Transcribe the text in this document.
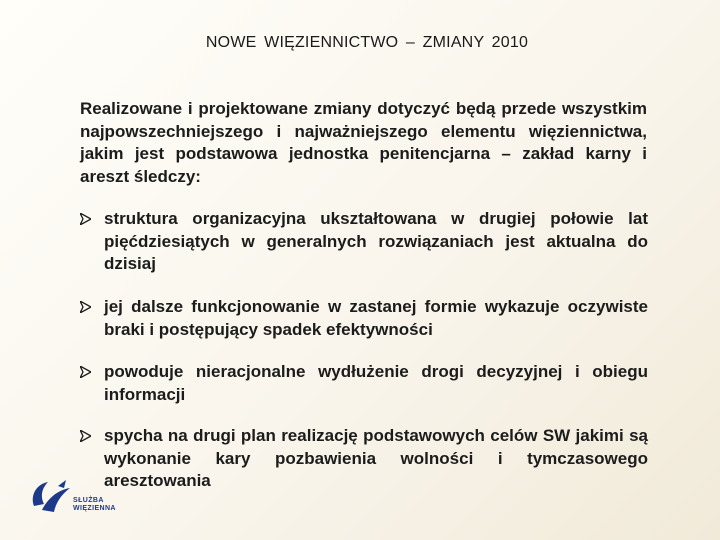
NOWE WIĘZIENNICTWO – ZMIANY 2010
Realizowane i projektowane zmiany dotyczyć będą przede wszystkim najpowszechniejszego i najważniejszego elementu więziennictwa, jakim jest podstawowa jednostka penitencjarna – zakład karny i areszt śledczy:
struktura organizacyjna ukształtowana w drugiej połowie lat pięćdziesiątych w generalnych rozwiązaniach jest aktualna do dzisiaj
jej dalsze funkcjonowanie w zastanej formie wykazuje oczywiste braki i postępujący spadek efektywności
powoduje nieracjonalne wydłużenie drogi decyzyjnej i obiegu informacji
spycha na drugi plan realizację podstawowych celów SW jakimi są wykonanie kary pozbawienia wolności i tymczasowego aresztowania
SŁUŻBA
WIĘZIENNA
